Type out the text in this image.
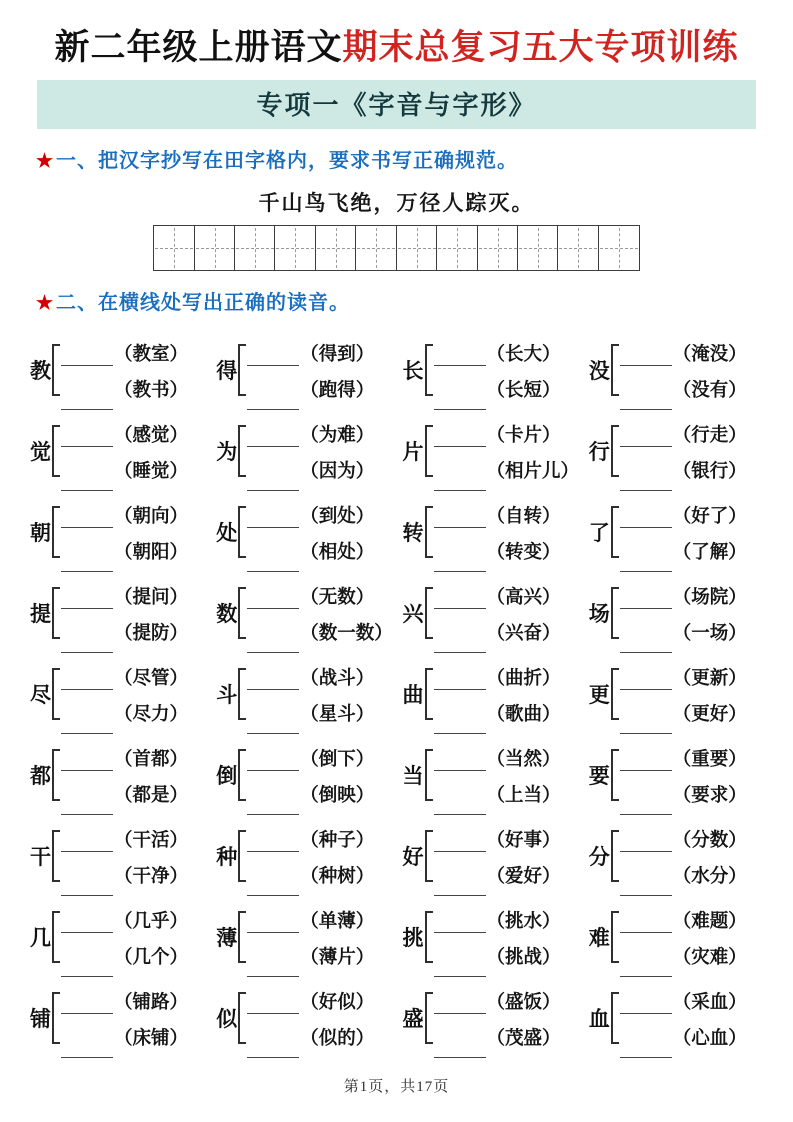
新二年级上册语文期末总复习五大专项训练
专项一《字音与字形》
★ 一、把汉字抄写在田字格内，要求书写正确规范。
千山鸟飞绝，万径人踪灭。
★ 二、在横线处写出正确的读音。
教
（教室）
（教书）
得
（得到）
（跑得）
长
（长大）
（长短）
没
（淹没）
（没有）
觉
（感觉）
（睡觉）
为
（为难）
（因为）
片
（卡片）
（相片儿）
行
（行走）
（银行）
朝
（朝向）
（朝阳）
处
（到处）
（相处）
转
（自转）
（转变）
了
（好了）
（了解）
提
（提问）
（提防）
数
（无数）
（数一数）
兴
（高兴）
（兴奋）
场
（场院）
（一场）
尽
（尽管）
（尽力）
斗
（战斗）
（星斗）
曲
（曲折）
（歌曲）
更
（更新）
（更好）
都
（首都）
（都是）
倒
（倒下）
（倒映）
当
（当然）
（上当）
要
（重要）
（要求）
干
（干活）
（干净）
种
（种子）
（种树）
好
（好事）
（爱好）
分
（分数）
（水分）
几
（几乎）
（几个）
薄
（单薄）
（薄片）
挑
（挑水）
（挑战）
难
（难题）
（灾难）
铺
（铺路）
（床铺）
似
（好似）
（似的）
盛
（盛饭）
（茂盛）
血
（采血）
（心血）
第1页，共17页
